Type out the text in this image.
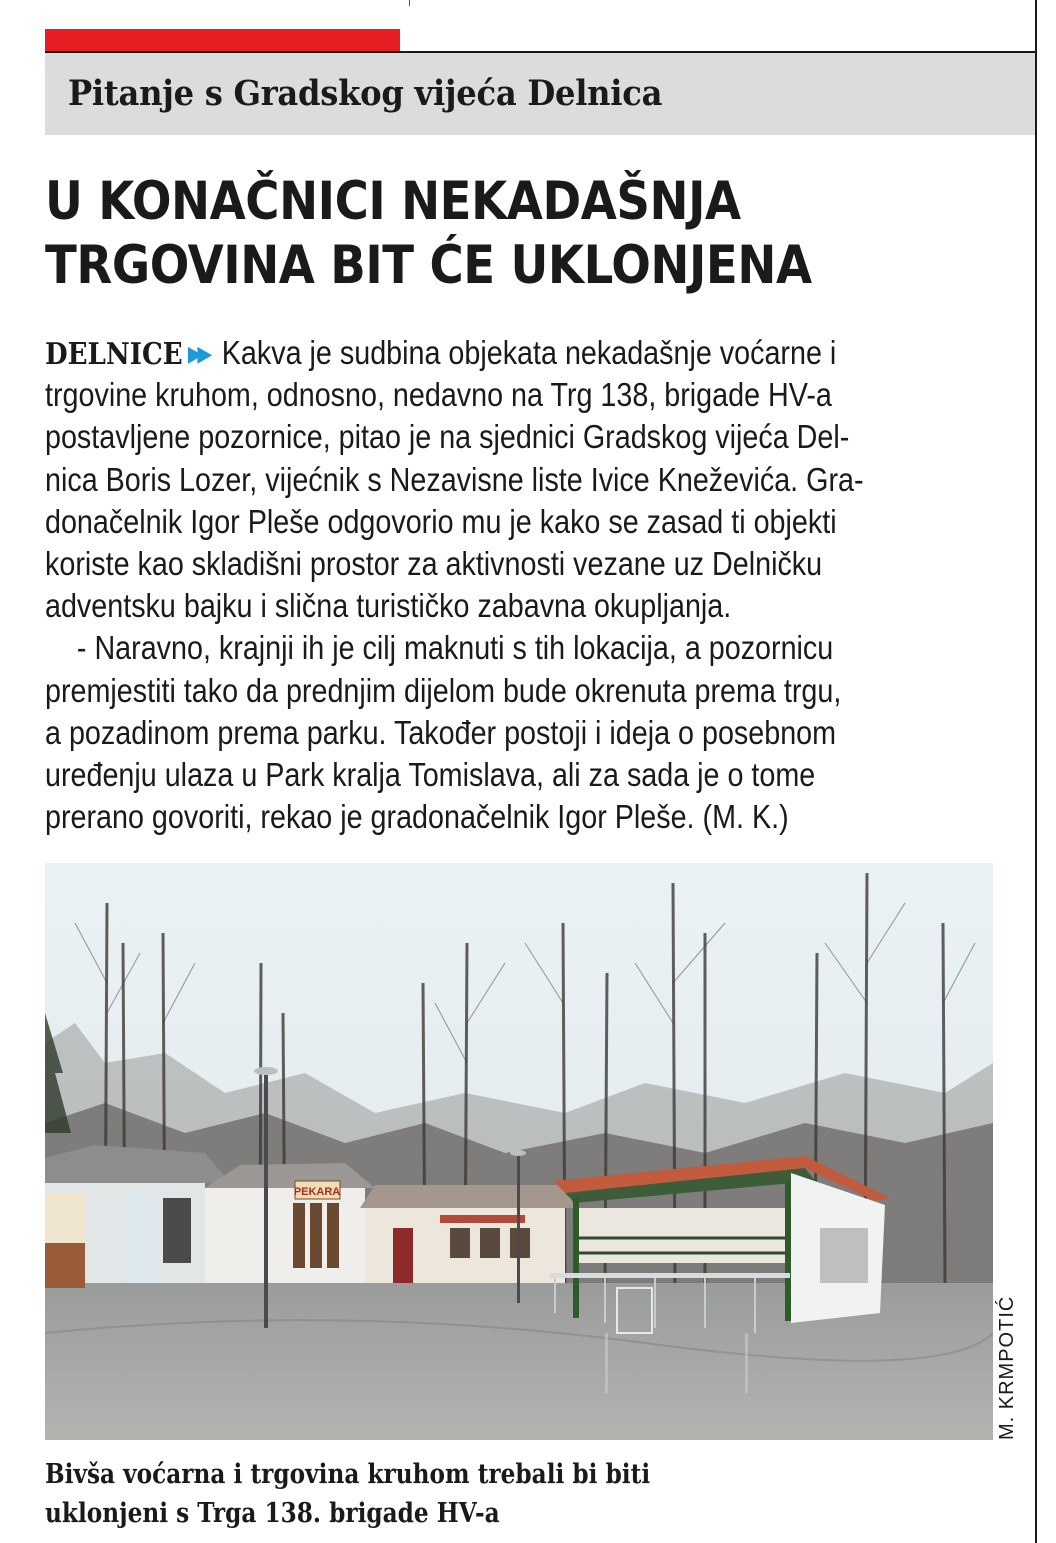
Pitanje s Gradskog vijeća Delnica
U KONAČNICI NEKADAŠNJA
TRGOVINA BIT ĆE UKLONJENA
DELNICE ▶▶ Kakva je sudbina objekata nekadašnje voćarne i
trgovine kruhom, odnosno, nedavno na Trg 138, brigade HV-a
postavljene pozornice, pitao je na sjednici Gradskog vijeća Del-
nica Boris Lozer, vijećnik s Nezavisne liste Ivice Kneževića. Gra-
donačelnik Igor Pleše odgovorio mu je kako se zasad ti objekti
koriste kao skladišni prostor za aktivnosti vezane uz Delničku
adventsku bajku i slična turističko zabavna okupljanja.
- Naravno, krajnji ih je cilj maknuti s tih lokacija, a pozornicu
premjestiti tako da prednjim dijelom bude okrenuta prema trgu,
a pozadinom prema parku. Također postoji i ideja o posebnom
uređenju ulaza u Park kralja Tomislava, ali za sada je o tome
prerano govoriti, rekao je gradonačelnik Igor Pleše. (M. K.)
PEKARA
M. KRMPOTIĆ
Bivša voćarna i trgovina kruhom trebali bi biti
uklonjeni s Trga 138. brigade HV-a
